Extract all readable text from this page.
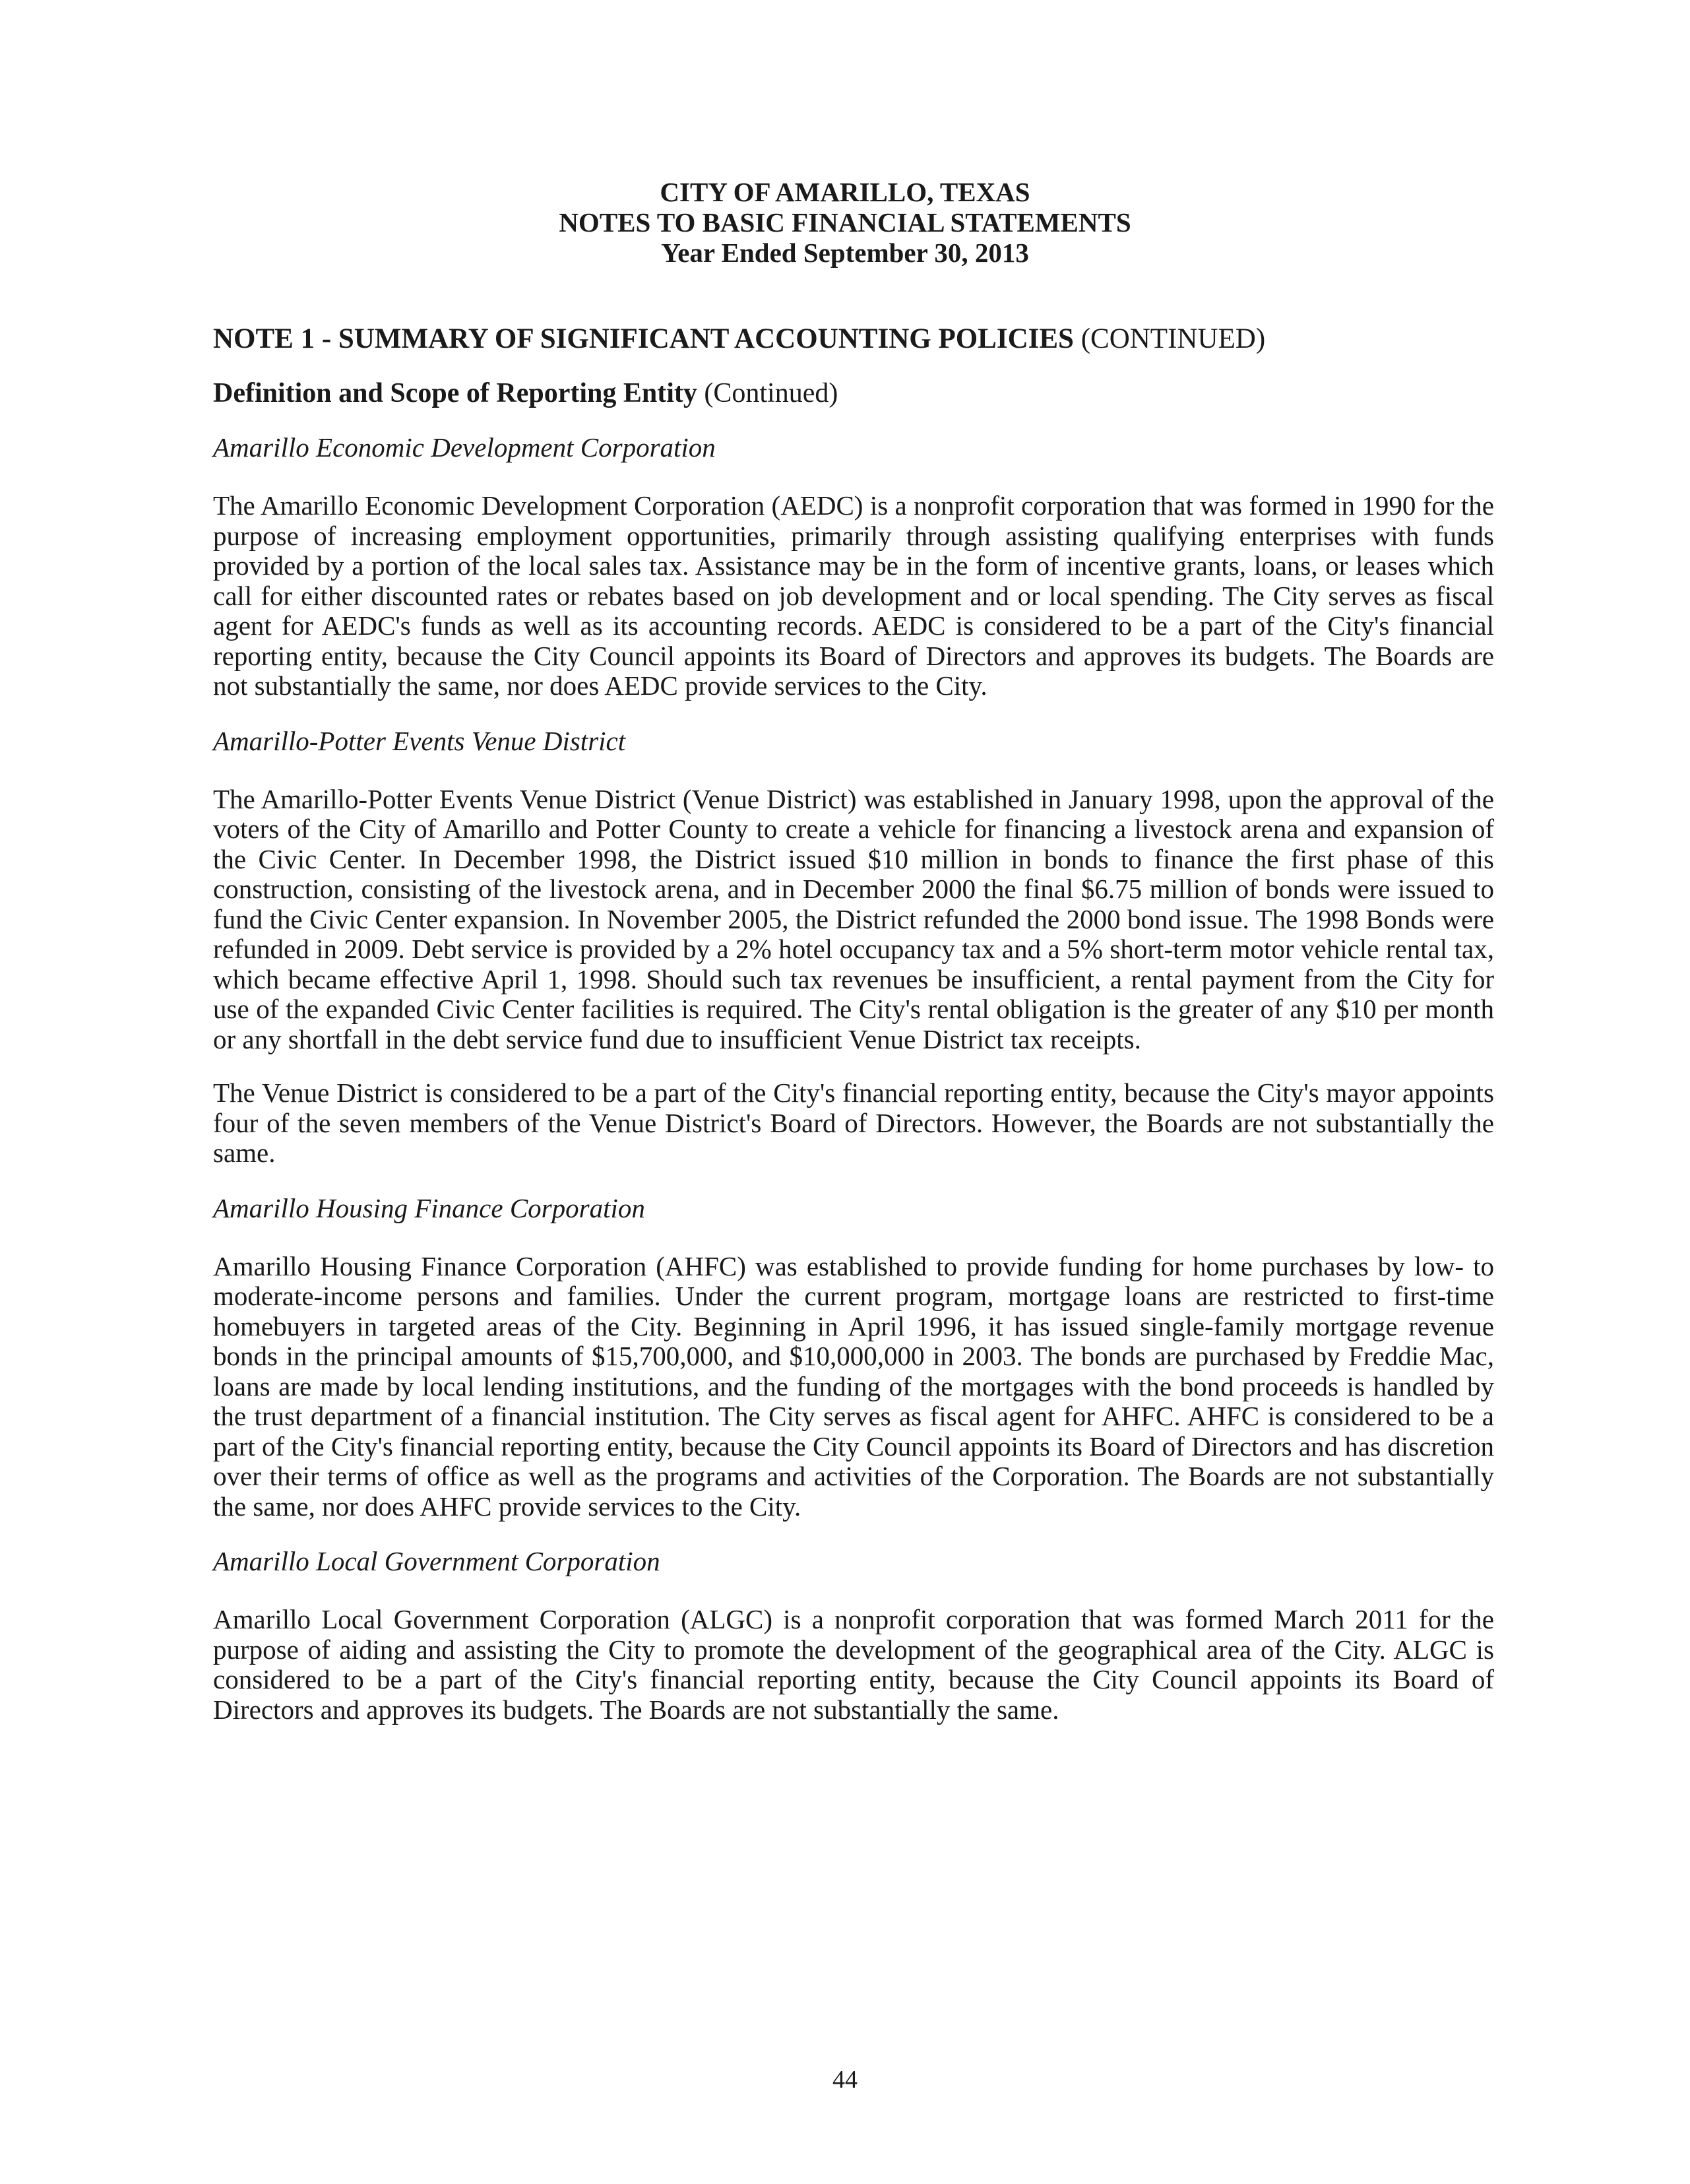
CITY OF AMARILLO, TEXAS
NOTES TO BASIC FINANCIAL STATEMENTS
Year Ended September 30, 2013
NOTE 1 - SUMMARY OF SIGNIFICANT ACCOUNTING POLICIES (CONTINUED)
Definition and Scope of Reporting Entity (Continued)
Amarillo Economic Development Corporation

The Amarillo Economic Development Corporation (AEDC) is a nonprofit corporation that was formed in 1990 for the purpose of increasing employment opportunities, primarily through assisting qualifying enterprises with funds provided by a portion of the local sales tax. Assistance may be in the form of incentive grants, loans, or leases which call for either discounted rates or rebates based on job development and or local spending. The City serves as fiscal agent for AEDC's funds as well as its accounting records. AEDC is considered to be a part of the City's financial reporting entity, because the City Council appoints its Board of Directors and approves its budgets. The Boards are not substantially the same, nor does AEDC provide services to the City.

Amarillo-Potter Events Venue District

The Amarillo-Potter Events Venue District (Venue District) was established in January 1998, upon the approval of the voters of the City of Amarillo and Potter County to create a vehicle for financing a livestock arena and expansion of the Civic Center. In December 1998, the District issued $10 million in bonds to finance the first phase of this construction, consisting of the livestock arena, and in December 2000 the final $6.75 million of bonds were issued to fund the Civic Center expansion. In November 2005, the District refunded the 2000 bond issue. The 1998 Bonds were refunded in 2009. Debt service is provided by a 2% hotel occupancy tax and a 5% short-term motor vehicle rental tax, which became effective April 1, 1998. Should such tax revenues be insufficient, a rental payment from the City for use of the expanded Civic Center facilities is required. The City's rental obligation is the greater of any $10 per month or any shortfall in the debt service fund due to insufficient Venue District tax receipts.

The Venue District is considered to be a part of the City's financial reporting entity, because the City's mayor appoints four of the seven members of the Venue District's Board of Directors. However, the Boards are not substantially the same.

Amarillo Housing Finance Corporation

Amarillo Housing Finance Corporation (AHFC) was established to provide funding for home purchases by low- to moderate-income persons and families. Under the current program, mortgage loans are restricted to first-time homebuyers in targeted areas of the City. Beginning in April 1996, it has issued single-family mortgage revenue bonds in the principal amounts of $15,700,000, and $10,000,000 in 2003. The bonds are purchased by Freddie Mac, loans are made by local lending institutions, and the funding of the mortgages with the bond proceeds is handled by the trust department of a financial institution. The City serves as fiscal agent for AHFC. AHFC is considered to be a part of the City's financial reporting entity, because the City Council appoints its Board of Directors and has discretion over their terms of office as well as the programs and activities of the Corporation. The Boards are not substantially the same, nor does AHFC provide services to the City.

Amarillo Local Government Corporation

Amarillo Local Government Corporation (ALGC) is a nonprofit corporation that was formed March 2011 for the purpose of aiding and assisting the City to promote the development of the geographical area of the City. ALGC is considered to be a part of the City's financial reporting entity, because the City Council appoints its Board of Directors and approves its budgets. The Boards are not substantially the same.

44
